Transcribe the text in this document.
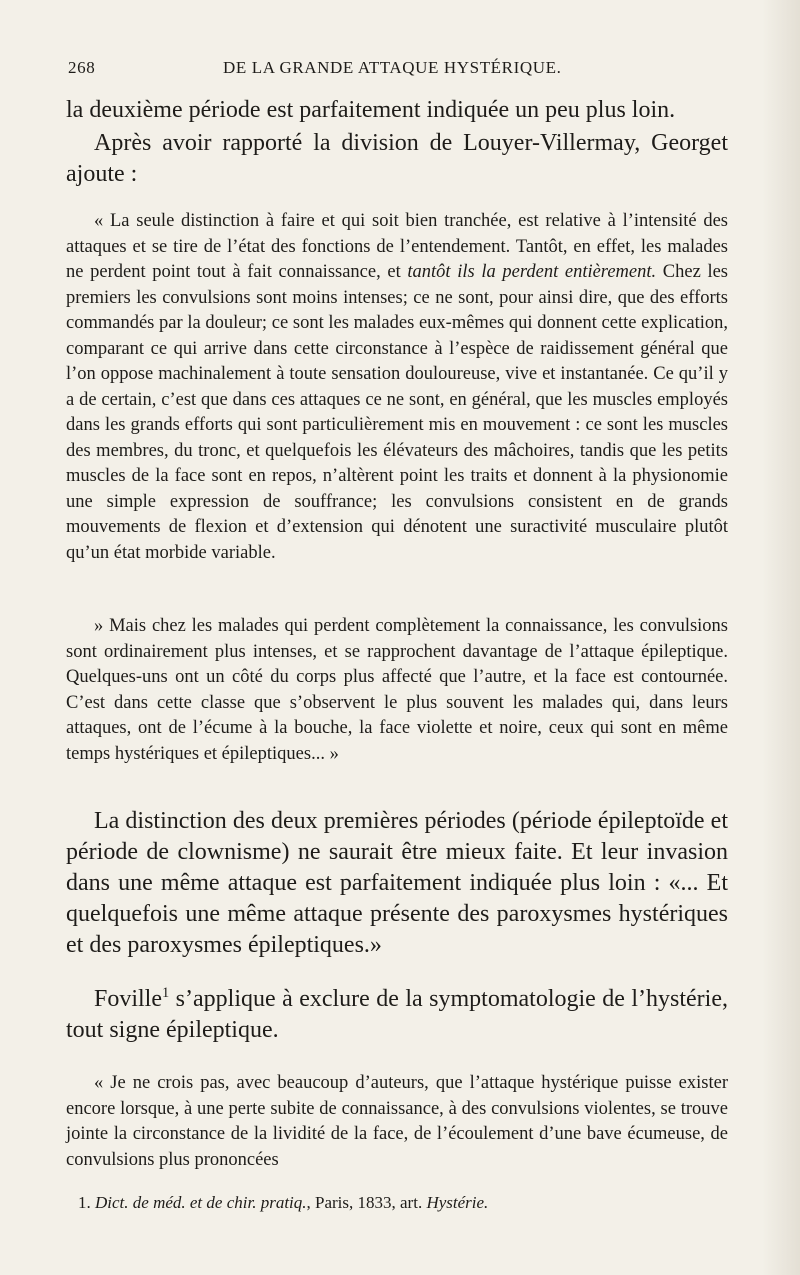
268	DE LA GRANDE ATTAQUE HYSTÉRIQUE.

la deuxième période est parfaitement indiquée un peu plus loin.

Après avoir rapporté la division de Louyer-Villermay, Georget ajoute :

« La seule distinction à faire et qui soit bien tranchée, est relative à l’intensité des attaques et se tire de l’état des fonctions de l’entendement. Tantôt, en effet, les malades ne perdent point tout à fait connaissance, et tantôt ils la perdent entièrement. Chez les premiers les convulsions sont moins intenses; ce ne sont, pour ainsi dire, que des efforts commandés par la douleur; ce sont les malades eux-mêmes qui donnent cette explication, comparant ce qui arrive dans cette circonstance à l’espèce de raidissement général que l’on oppose machinalement à toute sensation douloureuse, vive et instantanée. Ce qu’il y a de certain, c’est que dans ces attaques ce ne sont, en général, que les muscles employés dans les grands efforts qui sont particulièrement mis en mouvement : ce sont les muscles des membres, du tronc, et quelquefois les élévateurs des mâchoires, tandis que les petits muscles de la face sont en repos, n’altèrent point les traits et donnent à la physionomie une simple expression de souffrance; les convulsions consistent en de grands mouvements de flexion et d’extension qui dénotent une suractivité musculaire plutôt qu’un état morbide variable.

» Mais chez les malades qui perdent complètement la connaissance, les convulsions sont ordinairement plus intenses, et se rapprochent davantage de l’attaque épileptique. Quelques-uns ont un côté du corps plus affecté que l’autre, et la face est contournée. C’est dans cette classe que s’observent le plus souvent les malades qui, dans leurs attaques, ont de l’écume à la bouche, la face violette et noire, ceux qui sont en même temps hystériques et épileptiques... »

La distinction des deux premières périodes (période épileptoïde et période de clownisme) ne saurait être mieux faite. Et leur invasion dans une même attaque est parfaitement indiquée plus loin : «... Et quelquefois une même attaque présente des paroxysmes hystériques et des paroxysmes épileptiques.»

Foville$^1$ s’applique à exclure de la symptomatologie de l’hystérie, tout signe épileptique.

« Je ne crois pas, avec beaucoup d’auteurs, que l’attaque hystérique puisse exister encore lorsque, à une perte subite de connaissance, à des convulsions violentes, se trouve jointe la circonstance de la lividité de la face, de l’écoulement d’une bave écumeuse, de convulsions plus prononcées

1. Dict. de méd. et de chir. pratiq., Paris, 1833, art. Hystérie.
